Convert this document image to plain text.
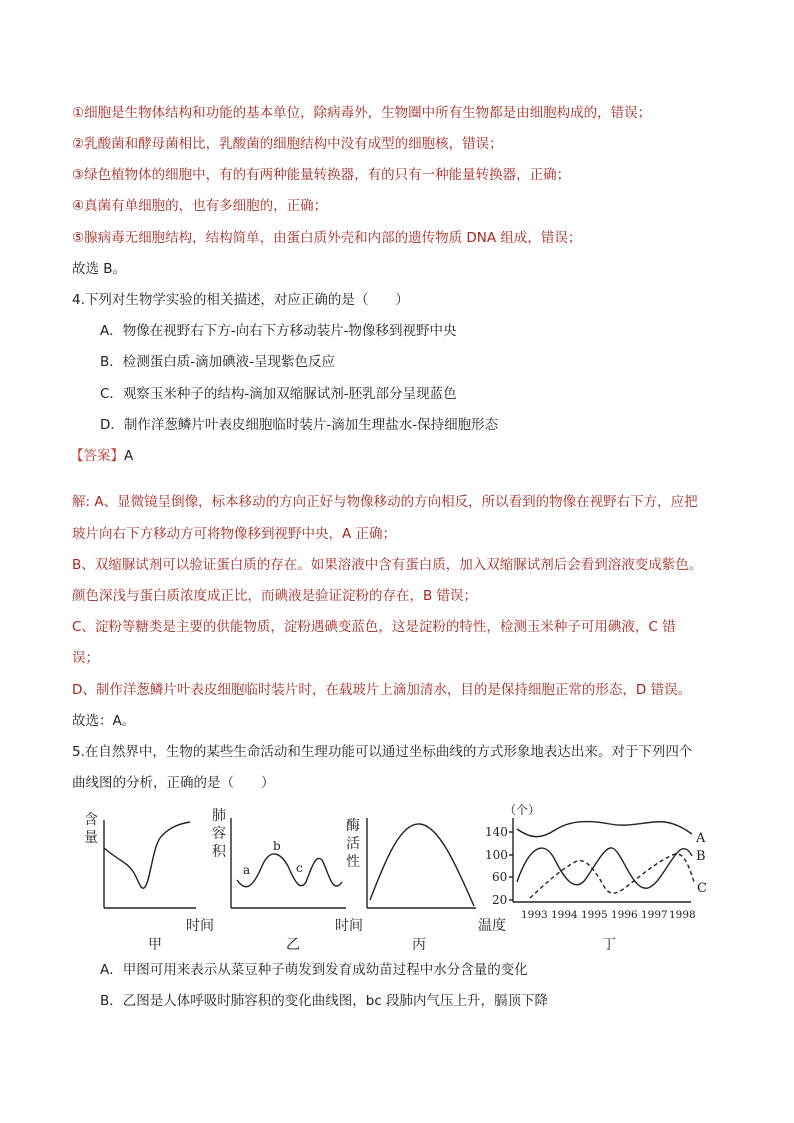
①细胞是生物体结构和功能的基本单位，除病毒外，生物圈中所有生物都是由细胞构成的，错误；
②乳酸菌和酵母菌相比，乳酸菌的细胞结构中没有成型的细胞核，错误；
③绿色植物体的细胞中，有的有两种能量转换器，有的只有一种能量转换器，正确；
④真菌有单细胞的，也有多细胞的，正确；
⑤腺病毒无细胞结构，结构简单，由蛋白质外壳和内部的遗传物质 DNA 组成，错误；
故选 B。
4.下列对生物学实验的相关描述，对应正确的是（　　）
A．物像在视野右下方-向右下方移动装片-物像移到视野中央
B．检测蛋白质-滴加碘液-呈现紫色反应
C．观察玉米种子的结构-滴加双缩脲试剂-胚乳部分呈现蓝色
D．制作洋葱鳞片叶表皮细胞临时装片-滴加生理盐水-保持细胞形态
【答案】A
解: A、显微镜呈倒像，标本移动的方向正好与物像移动的方向相反，所以看到的物像在视野右下方，应把
玻片向右下方移动方可将物像移到视野中央，A 正确；
B、双缩脲试剂可以验证蛋白质的存在。如果溶液中含有蛋白质，加入双缩脲试剂后会看到溶液变成紫色。
颜色深浅与蛋白质浓度成正比，而碘液是验证淀粉的存在，B 错误；
C、淀粉等糖类是主要的供能物质，淀粉遇碘变蓝色，这是淀粉的特性，检测玉米种子可用碘液，C 错
误；
D、制作洋葱鳞片叶表皮细胞临时装片时，在载玻片上滴加清水，目的是保持细胞正常的形态，D 错误。
故选：A。
5.在自然界中，生物的某些生命活动和生理功能可以通过坐标曲线的方式形象地表达出来。对于下列四个
曲线图的分析，正确的是（　　）
含
量
时间
肺
容
积
a
b
c
时间
酶
活
性
温度
（个）
140
100
60
20
1993 1994 1995 1996 1997 1998
A
B
C
甲	乙	丙	丁
A．甲图可用来表示从菜豆种子萌发到发育成幼苗过程中水分含量的变化
B．乙图是人体呼吸时肺容积的变化曲线图，bc 段肺内气压上升，膈顶下降
